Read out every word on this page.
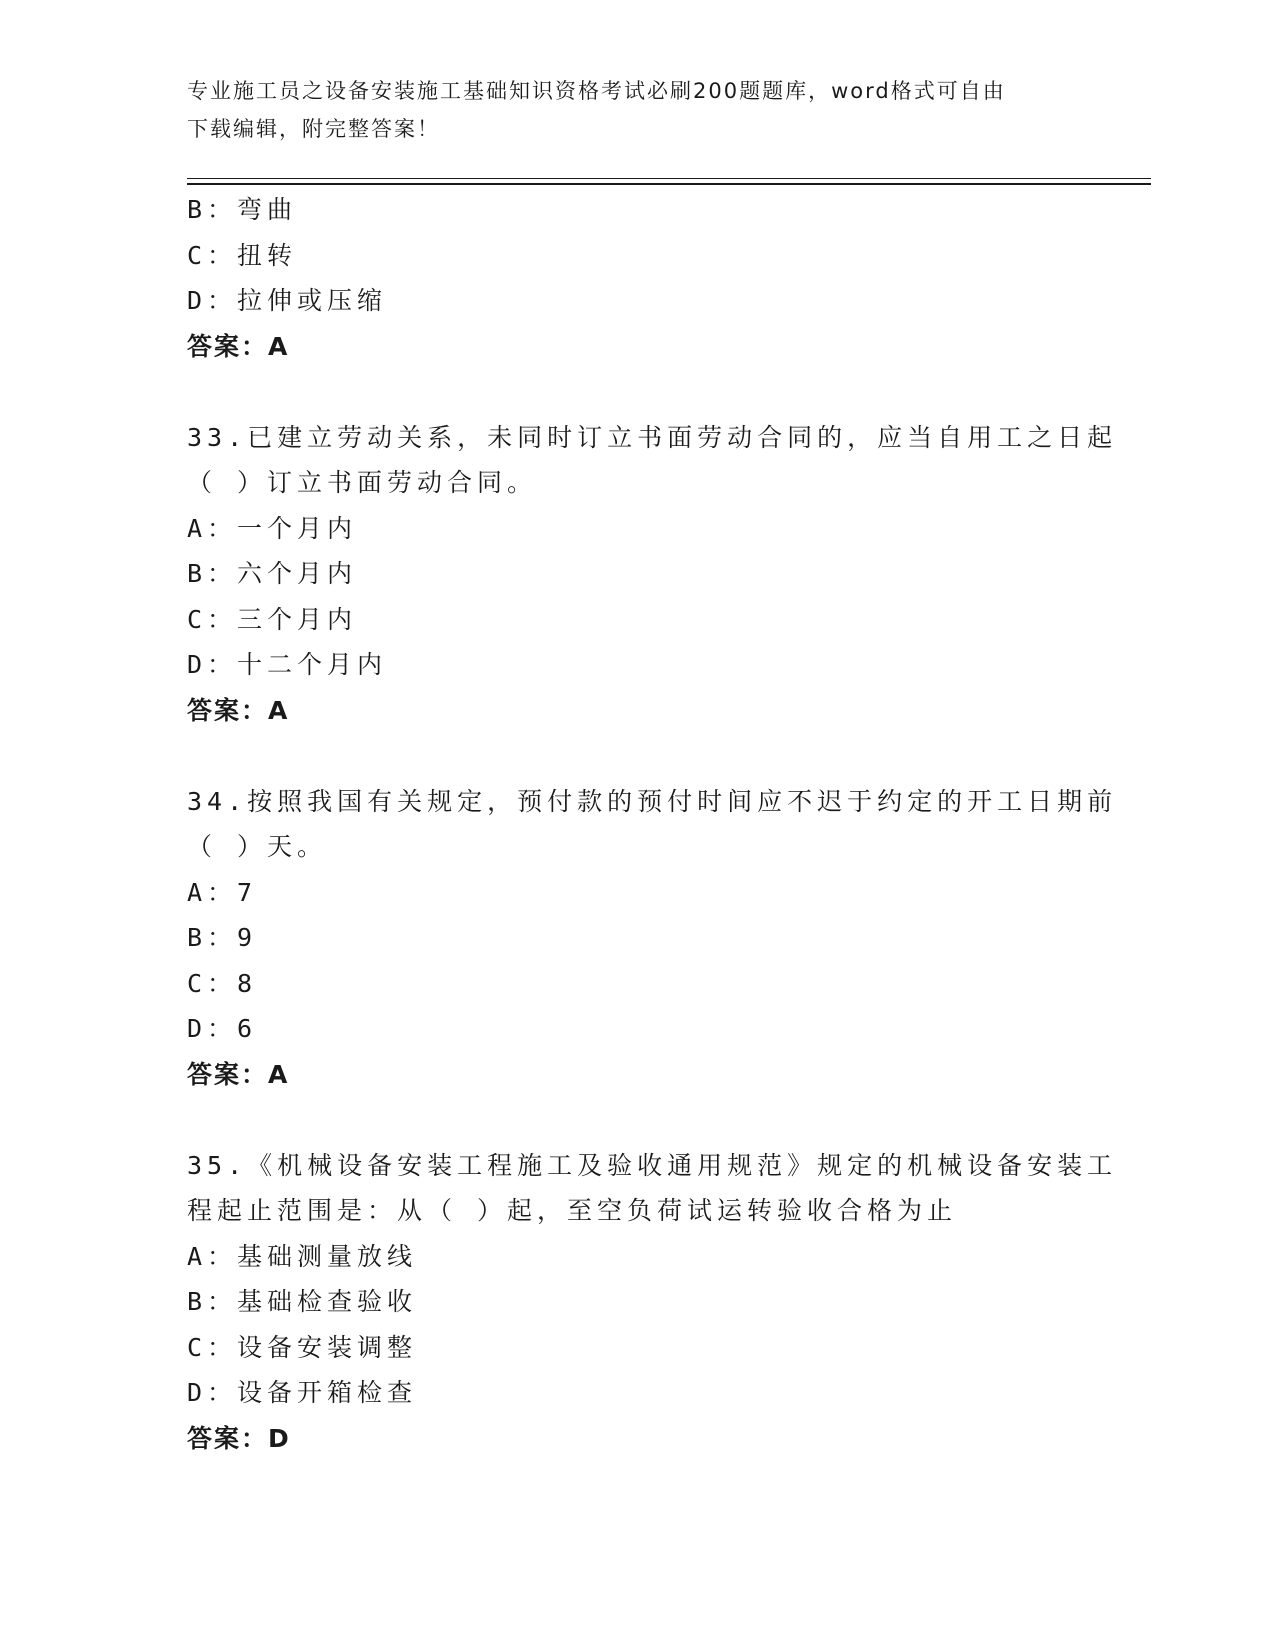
专业施工员之设备安装施工基础知识资格考试必刷200题题库，word格式可自由
下载编辑，附完整答案！
B：弯曲
C：扭转
D：拉伸或压缩
答案：A
33.已建立劳动关系，未同时订立书面劳动合同的，应当自用工之日起
（ ）订立书面劳动合同。
A：一个月内
B：六个月内
C：三个月内
D：十二个月内
答案：A
34.按照我国有关规定，预付款的预付时间应不迟于约定的开工日期前
（ ）天。
A：7
B：9
C：8
D：6
答案：A
35.《机械设备安装工程施工及验收通用规范》规定的机械设备安装工
程起止范围是：从（ ）起，至空负荷试运转验收合格为止
A：基础测量放线
B：基础检查验收
C：设备安装调整
D：设备开箱检查
答案：D
